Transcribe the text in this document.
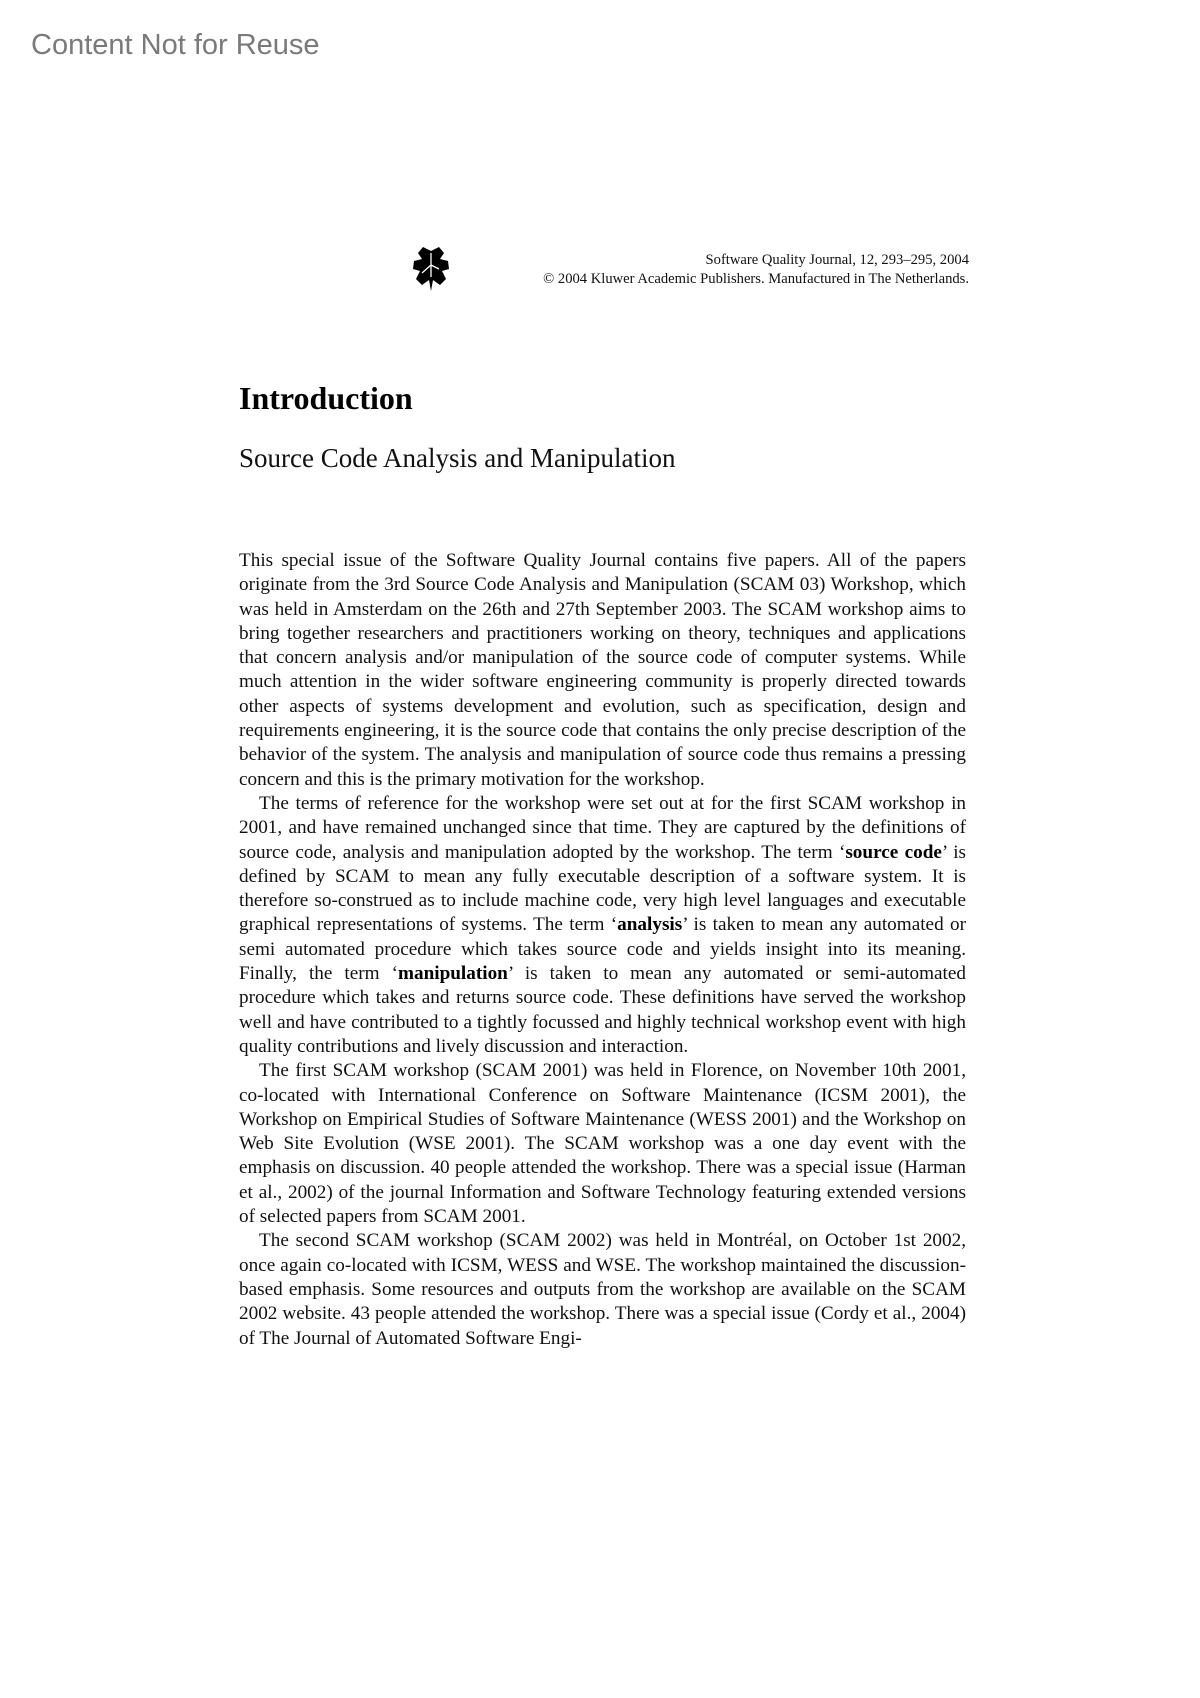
Content Not for Reuse
Software Quality Journal, 12, 293–295, 2004
© 2004 Kluwer Academic Publishers. Manufactured in The Netherlands.
Introduction
Source Code Analysis and Manipulation

This special issue of the Software Quality Journal contains five papers. All of the papers originate from the 3rd Source Code Analysis and Manipulation (SCAM 03) Workshop, which was held in Amsterdam on the 26th and 27th September 2003. The SCAM workshop aims to bring together researchers and practitioners working on theory, techniques and applications that concern analysis and/or manipulation of the source code of computer systems. While much attention in the wider software engineering community is properly directed towards other aspects of systems development and evolution, such as specification, design and requirements engineering, it is the source code that contains the only precise description of the behavior of the system. The analysis and manipulation of source code thus remains a pressing concern and this is the primary motivation for the workshop.

The terms of reference for the workshop were set out at for the first SCAM workshop in 2001, and have remained unchanged since that time. They are captured by the definitions of source code, analysis and manipulation adopted by the workshop. The term ‘source code’ is defined by SCAM to mean any fully executable description of a software system. It is therefore so-construed as to include machine code, very high level languages and executable graphical representations of systems. The term ‘analysis’ is taken to mean any automated or semi automated procedure which takes source code and yields insight into its meaning. Finally, the term ‘manipulation’ is taken to mean any automated or semi-automated procedure which takes and returns source code. These definitions have served the workshop well and have contributed to a tightly focussed and highly technical workshop event with high quality contributions and lively discussion and interaction.

The first SCAM workshop (SCAM 2001) was held in Florence, on November 10th 2001, co-located with International Conference on Software Maintenance (ICSM 2001), the Workshop on Empirical Studies of Software Maintenance (WESS 2001) and the Workshop on Web Site Evolution (WSE 2001). The SCAM workshop was a one day event with the emphasis on discussion. 40 people attended the workshop. There was a special issue (Harman et al., 2002) of the journal Information and Software Technology featuring extended versions of selected papers from SCAM 2001.

The second SCAM workshop (SCAM 2002) was held in Montréal, on October 1st 2002, once again co-located with ICSM, WESS and WSE. The workshop maintained the discussion-based emphasis. Some resources and outputs from the workshop are available on the SCAM 2002 website. 43 people attended the workshop. There was a special issue (Cordy et al., 2004) of The Journal of Automated Software Engi-
